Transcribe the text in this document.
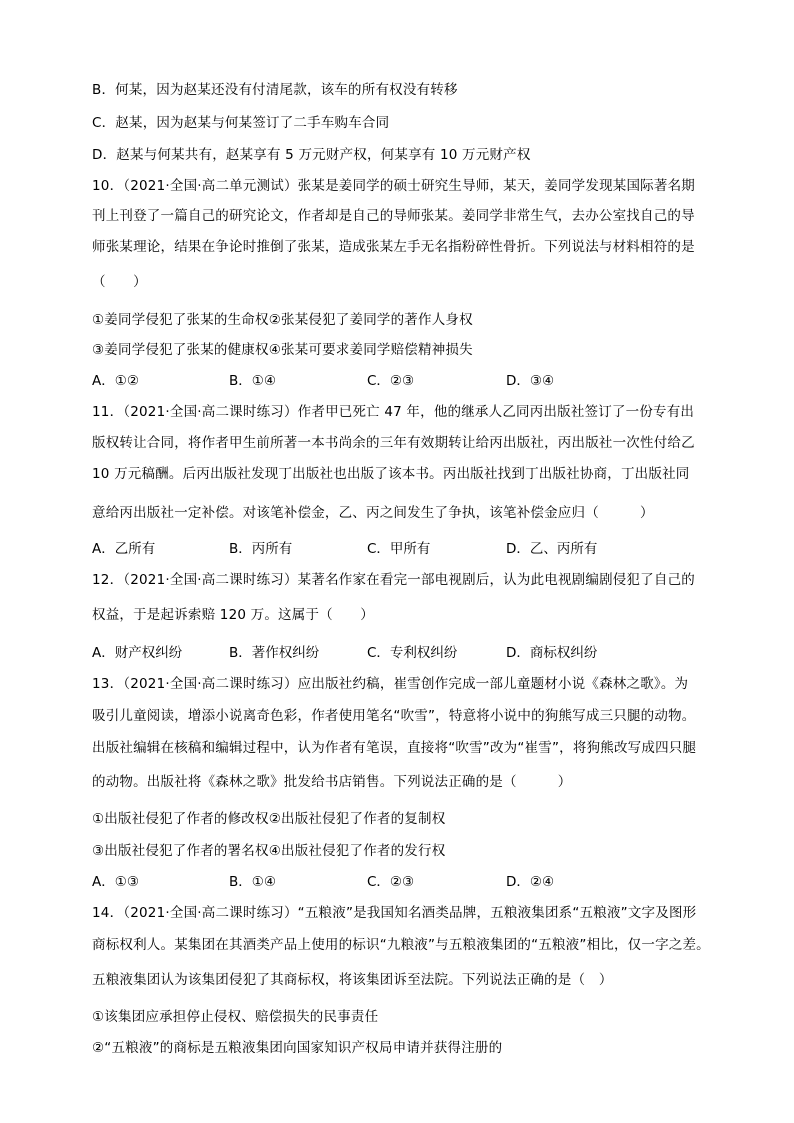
B．何某，因为赵某还没有付清尾款，该车的所有权没有转移
C．赵某，因为赵某与何某签订了二手车购车合同
D．赵某与何某共有，赵某享有 5 万元财产权，何某享有 10 万元财产权
10．（2021·全国·高二单元测试）张某是姜同学的硕士研究生导师，某天，姜同学发现某国际著名期
刊上刊登了一篇自己的研究论文，作者却是自己的导师张某。姜同学非常生气，去办公室找自己的导
师张某理论，结果在争论时推倒了张某，造成张某左手无名指粉碎性骨折。下列说法与材料相符的是
（　　）
①姜同学侵犯了张某的生命权②张某侵犯了姜同学的著作人身权
③姜同学侵犯了张某的健康权④张某可要求姜同学赔偿精神损失
A．①②	B．①④	C．②③	D．③④
11．（2021·全国·高二课时练习）作者甲已死亡 47 年，他的继承人乙同丙出版社签订了一份专有出
版权转让合同，将作者甲生前所著一本书尚余的三年有效期转让给丙出版社，丙出版社一次性付给乙
10 万元稿酬。后丙出版社发现丁出版社也出版了该本书。丙出版社找到丁出版社协商，丁出版社同
意给丙出版社一定补偿。对该笔补偿金，乙、丙之间发生了争执，该笔补偿金应归（　　　）
A．乙所有	B．丙所有	C．甲所有	D．乙、丙所有
12．（2021·全国·高二课时练习）某著名作家在看完一部电视剧后，认为此电视剧编剧侵犯了自己的
权益，于是起诉索赔 120 万。这属于（　　）
A．财产权纠纷	B．著作权纠纷	C．专利权纠纷	D．商标权纠纷
13．（2021·全国·高二课时练习）应出版社约稿，崔雪创作完成一部儿童题材小说《森林之歌》。为
吸引儿童阅读，增添小说离奇色彩，作者使用笔名“吹雪”，特意将小说中的狗熊写成三只腿的动物。
出版社编辑在核稿和编辑过程中，认为作者有笔误，直接将“吹雪”改为“崔雪”，将狗熊改写成四只腿
的动物。出版社将《森林之歌》批发给书店销售。下列说法正确的是（　　　）
①出版社侵犯了作者的修改权②出版社侵犯了作者的复制权
③出版社侵犯了作者的署名权④出版社侵犯了作者的发行权
A．①③	B．①④	C．②③	D．②④
14．（2021·全国·高二课时练习）“五粮液”是我国知名酒类品牌，五粮液集团系“五粮液”文字及图形
商标权利人。某集团在其酒类产品上使用的标识“九粮液”与五粮液集团的“五粮液”相比，仅一字之差。
五粮液集团认为该集团侵犯了其商标权，将该集团诉至法院。下列说法正确的是（　）
①该集团应承担停止侵权、赔偿损失的民事责任
②“五粮液”的商标是五粮液集团向国家知识产权局申请并获得注册的
